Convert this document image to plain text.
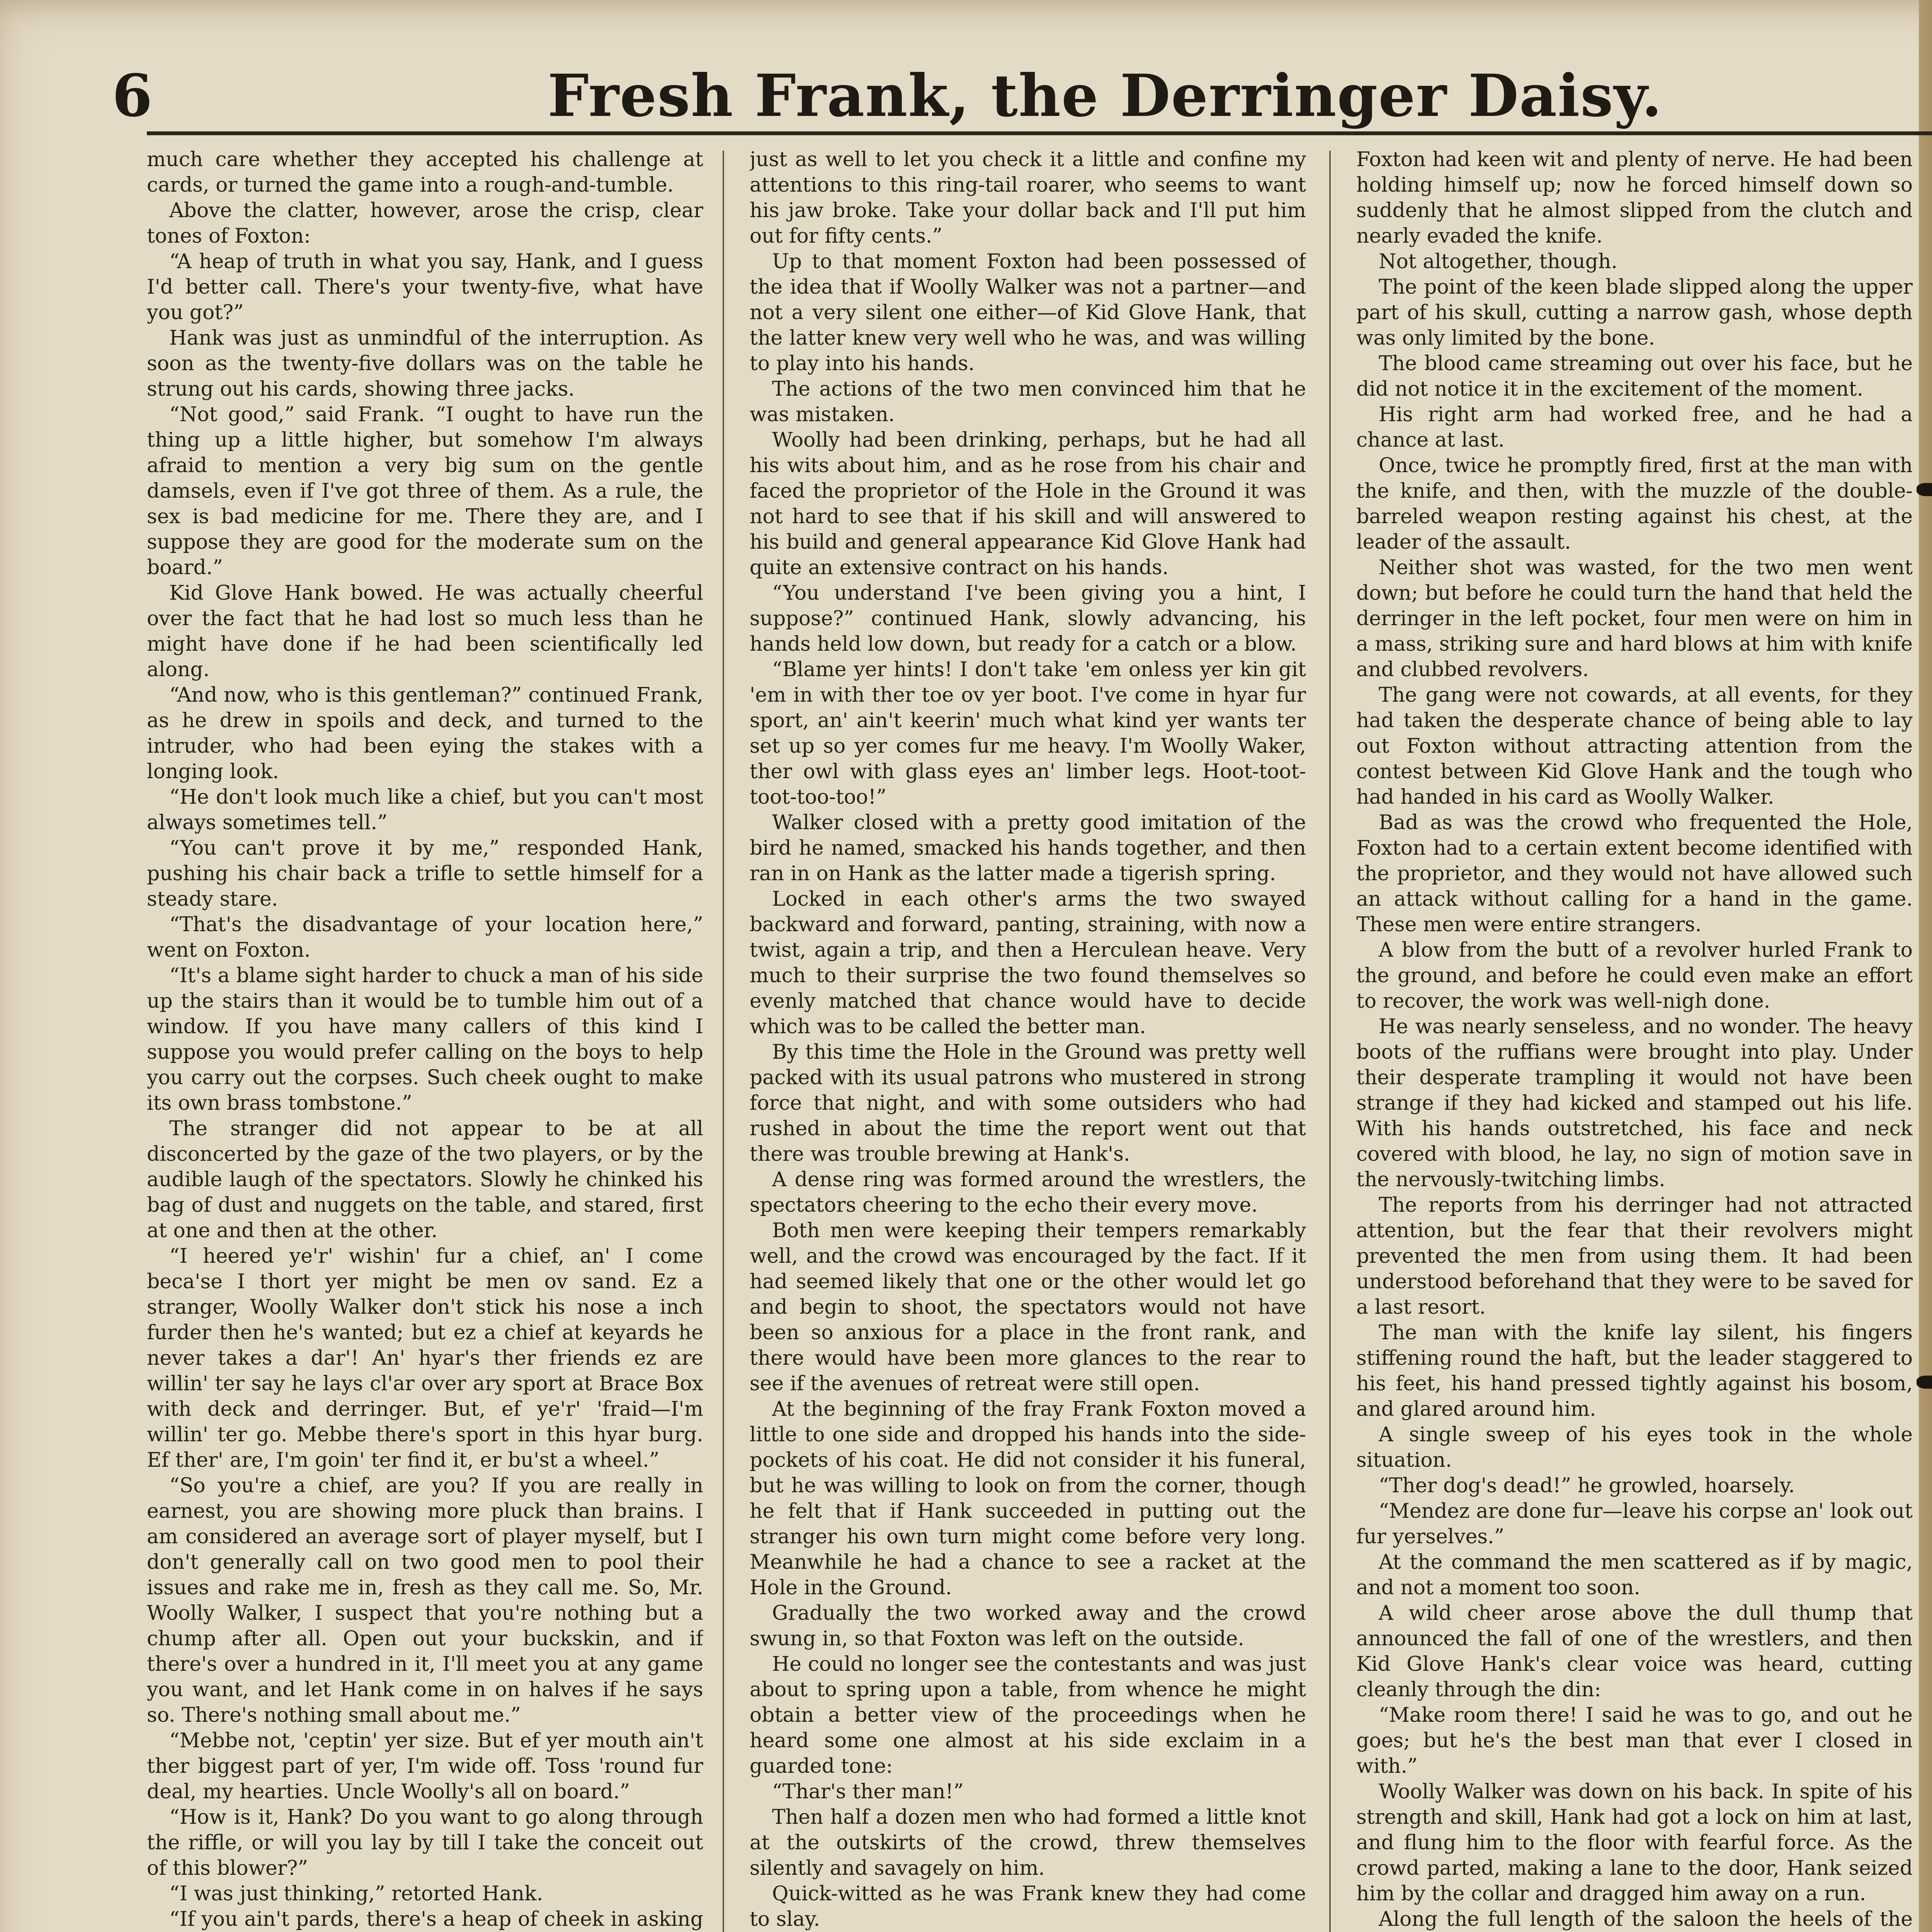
6	Fresh Frank, the Derringer Daisy.

much care whether they accepted his challenge at cards, or turned the game into a rough-and-tumble.

Above the clatter, however, arose the crisp, clear tones of Foxton:

“A heap of truth in what you say, Hank, and I guess I'd better call. There's your twenty-five, what have you got?”

Hank was just as unmindful of the interruption. As soon as the twenty-five dollars was on the table he strung out his cards, showing three jacks.

“Not good,” said Frank. “I ought to have run the thing up a little higher, but somehow I'm always afraid to mention a very big sum on the gentle damsels, even if I've got three of them. As a rule, the sex is bad medicine for me. There they are, and I suppose they are good for the moderate sum on the board.”

Kid Glove Hank bowed. He was actually cheerful over the fact that he had lost so much less than he might have done if he had been scientifically led along.

“And now, who is this gentleman?” continued Frank, as he drew in spoils and deck, and turned to the intruder, who had been eying the stakes with a longing look.

“He don't look much like a chief, but you can't most always sometimes tell.”

“You can't prove it by me,” responded Hank, pushing his chair back a trifle to settle himself for a steady stare.

“That's the disadvantage of your location here,” went on Foxton.

“It's a blame sight harder to chuck a man of his side up the stairs than it would be to tumble him out of a window. If you have many callers of this kind I suppose you would prefer calling on the boys to help you carry out the corpses. Such cheek ought to make its own brass tombstone.”

The stranger did not appear to be at all disconcerted by the gaze of the two players, or by the audible laugh of the spectators. Slowly he chinked his bag of dust and nuggets on the table, and stared, first at one and then at the other.

“I heered ye'r' wishin' fur a chief, an' I come beca'se I thort yer might be men ov sand. Ez a stranger, Woolly Walker don't stick his nose a inch furder then he's wanted; but ez a chief at keyards he never takes a dar'! An' hyar's ther friends ez are willin' ter say he lays cl'ar over ary sport at Brace Box with deck and derringer. But, ef ye'r' 'fraid—I'm willin' ter go. Mebbe there's sport in this hyar burg. Ef ther' are, I'm goin' ter find it, er bu'st a wheel.”

“So you're a chief, are you? If you are really in earnest, you are showing more pluck than brains. I am considered an average sort of player myself, but I don't generally call on two good men to pool their issues and rake me in, fresh as they call me. So, Mr. Woolly Walker, I suspect that you're nothing but a chump after all. Open out your buckskin, and if there's over a hundred in it, I'll meet you at any game you want, and let Hank come in on halves if he says so. There's nothing small about me.”

“Mebbe not, 'ceptin' yer size. But ef yer mouth ain't ther biggest part of yer, I'm wide off. Toss 'round fur deal, my hearties. Uncle Woolly's all on board.”

“How is it, Hank? Do you want to go along through the riffle, or will you lay by till I take the conceit out of this blower?”

“I was just thinking,” retorted Hank.

“If you ain't pards, there's a heap of cheek in asking

just as well to let you check it a little and confine my attentions to this ring-tail roarer, who seems to want his jaw broke. Take your dollar back and I'll put him out for fifty cents.”

Up to that moment Foxton had been possessed of the idea that if Woolly Walker was not a partner—and not a very silent one either—of Kid Glove Hank, that the latter knew very well who he was, and was willing to play into his hands.

The actions of the two men convinced him that he was mistaken.

Woolly had been drinking, perhaps, but he had all his wits about him, and as he rose from his chair and faced the proprietor of the Hole in the Ground it was not hard to see that if his skill and will answered to his build and general appearance Kid Glove Hank had quite an extensive contract on his hands.

“You understand I've been giving you a hint, I suppose?” continued Hank, slowly advancing, his hands held low down, but ready for a catch or a blow.

“Blame yer hints! I don't take 'em onless yer kin git 'em in with ther toe ov yer boot. I've come in hyar fur sport, an' ain't keerin' much what kind yer wants ter set up so yer comes fur me heavy. I'm Woolly Waker, ther owl with glass eyes an' limber legs. Hoot-toot-toot-too-too!”

Walker closed with a pretty good imitation of the bird he named, smacked his hands together, and then ran in on Hank as the latter made a tigerish spring.

Locked in each other's arms the two swayed backward and forward, panting, straining, with now a twist, again a trip, and then a Herculean heave. Very much to their surprise the two found themselves so evenly matched that chance would have to decide which was to be called the better man.

By this time the Hole in the Ground was pretty well packed with its usual patrons who mustered in strong force that night, and with some outsiders who had rushed in about the time the report went out that there was trouble brewing at Hank's.

A dense ring was formed around the wrestlers, the spectators cheering to the echo their every move.

Both men were keeping their tempers remarkably well, and the crowd was encouraged by the fact. If it had seemed likely that one or the other would let go and begin to shoot, the spectators would not have been so anxious for a place in the front rank, and there would have been more glances to the rear to see if the avenues of retreat were still open.

At the beginning of the fray Frank Foxton moved a little to one side and dropped his hands into the side-pockets of his coat. He did not consider it his funeral, but he was willing to look on from the corner, though he felt that if Hank succeeded in putting out the stranger his own turn might come before very long. Meanwhile he had a chance to see a racket at the Hole in the Ground.

Gradually the two worked away and the crowd swung in, so that Foxton was left on the outside.

He could no longer see the contestants and was just about to spring upon a table, from whence he might obtain a better view of the proceedings when he heard some one almost at his side exclaim in a guarded tone:

“Thar's ther man!”

Then half a dozen men who had formed a little knot at the outskirts of the crowd, threw themselves silently and savagely on him.

Quick-witted as he was Frank knew they had come to slay.

Foxton had keen wit and plenty of nerve. He had been holding himself up; now he forced himself down so suddenly that he almost slipped from the clutch and nearly evaded the knife.

Not altogether, though.

The point of the keen blade slipped along the upper part of his skull, cutting a narrow gash, whose depth was only limited by the bone.

The blood came streaming out over his face, but he did not notice it in the excitement of the moment.

His right arm had worked free, and he had a chance at last.

Once, twice he promptly fired, first at the man with the knife, and then, with the muzzle of the double-barreled weapon resting against his chest, at the leader of the assault.

Neither shot was wasted, for the two men went down; but before he could turn the hand that held the derringer in the left pocket, four men were on him in a mass, striking sure and hard blows at him with knife and clubbed revolvers.

The gang were not cowards, at all events, for they had taken the desperate chance of being able to lay out Foxton without attracting attention from the contest between Kid Glove Hank and the tough who had handed in his card as Woolly Walker.

Bad as was the crowd who frequented the Hole, Foxton had to a certain extent become identified with the proprietor, and they would not have allowed such an attack without calling for a hand in the game. These men were entire strangers.

A blow from the butt of a revolver hurled Frank to the ground, and before he could even make an effort to recover, the work was well-nigh done.

He was nearly senseless, and no wonder. The heavy boots of the ruffians were brought into play. Under their desperate trampling it would not have been strange if they had kicked and stamped out his life. With his hands outstretched, his face and neck covered with blood, he lay, no sign of motion save in the nervously-twitching limbs.

The reports from his derringer had not attracted attention, but the fear that their revolvers might prevented the men from using them. It had been understood beforehand that they were to be saved for a last resort.

The man with the knife lay silent, his fingers stiffening round the haft, but the leader staggered to his feet, his hand pressed tightly against his bosom, and glared around him.

A single sweep of his eyes took in the whole situation.

“Ther dog's dead!” he growled, hoarsely.

“Mendez are done fur—leave his corpse an' look out fur yerselves.”

At the command the men scattered as if by magic, and not a moment too soon.

A wild cheer arose above the dull thump that announced the fall of one of the wrestlers, and then Kid Glove Hank's clear voice was heard, cutting cleanly through the din:

“Make room there! I said he was to go, and out he goes; but he's the best man that ever I closed in with.”

Woolly Walker was down on his back. In spite of his strength and skill, Hank had got a lock on him at last, and flung him to the floor with fearful force. As the crowd parted, making a lane to the door, Hank seized him by the collar and dragged him away on a run.

Along the full length of the saloon the heels of the
